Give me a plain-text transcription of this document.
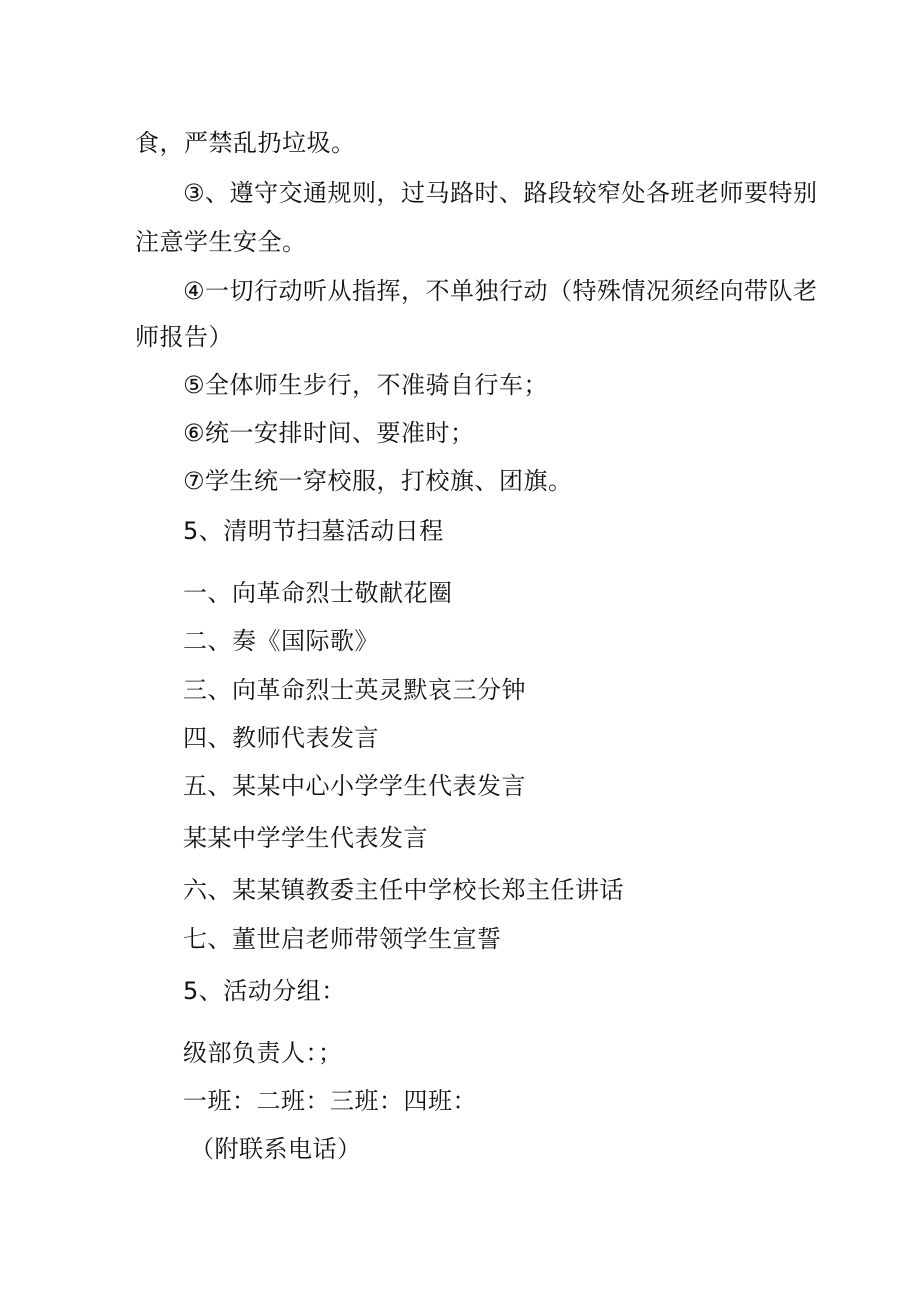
食，严禁乱扔垃圾。
③、遵守交通规则，过马路时、路段较窄处各班老师要特别
注意学生安全。
④一切行动听从指挥，不单独行动（特殊情况须经向带队老
师报告）
⑤全体师生步行，不准骑自行车；
⑥统一安排时间、要准时；
⑦学生统一穿校服，打校旗、团旗。
5、清明节扫墓活动日程
一、向革命烈士敬献花圈
二、奏《国际歌》
三、向革命烈士英灵默哀三分钟
四、教师代表发言
五、某某中心小学学生代表发言
某某中学学生代表发言
六、某某镇教委主任中学校长郑主任讲话
七、董世启老师带领学生宣誓
5、活动分组：
级部负责人：；
一班：二班：三班：四班：
（附联系电话）
